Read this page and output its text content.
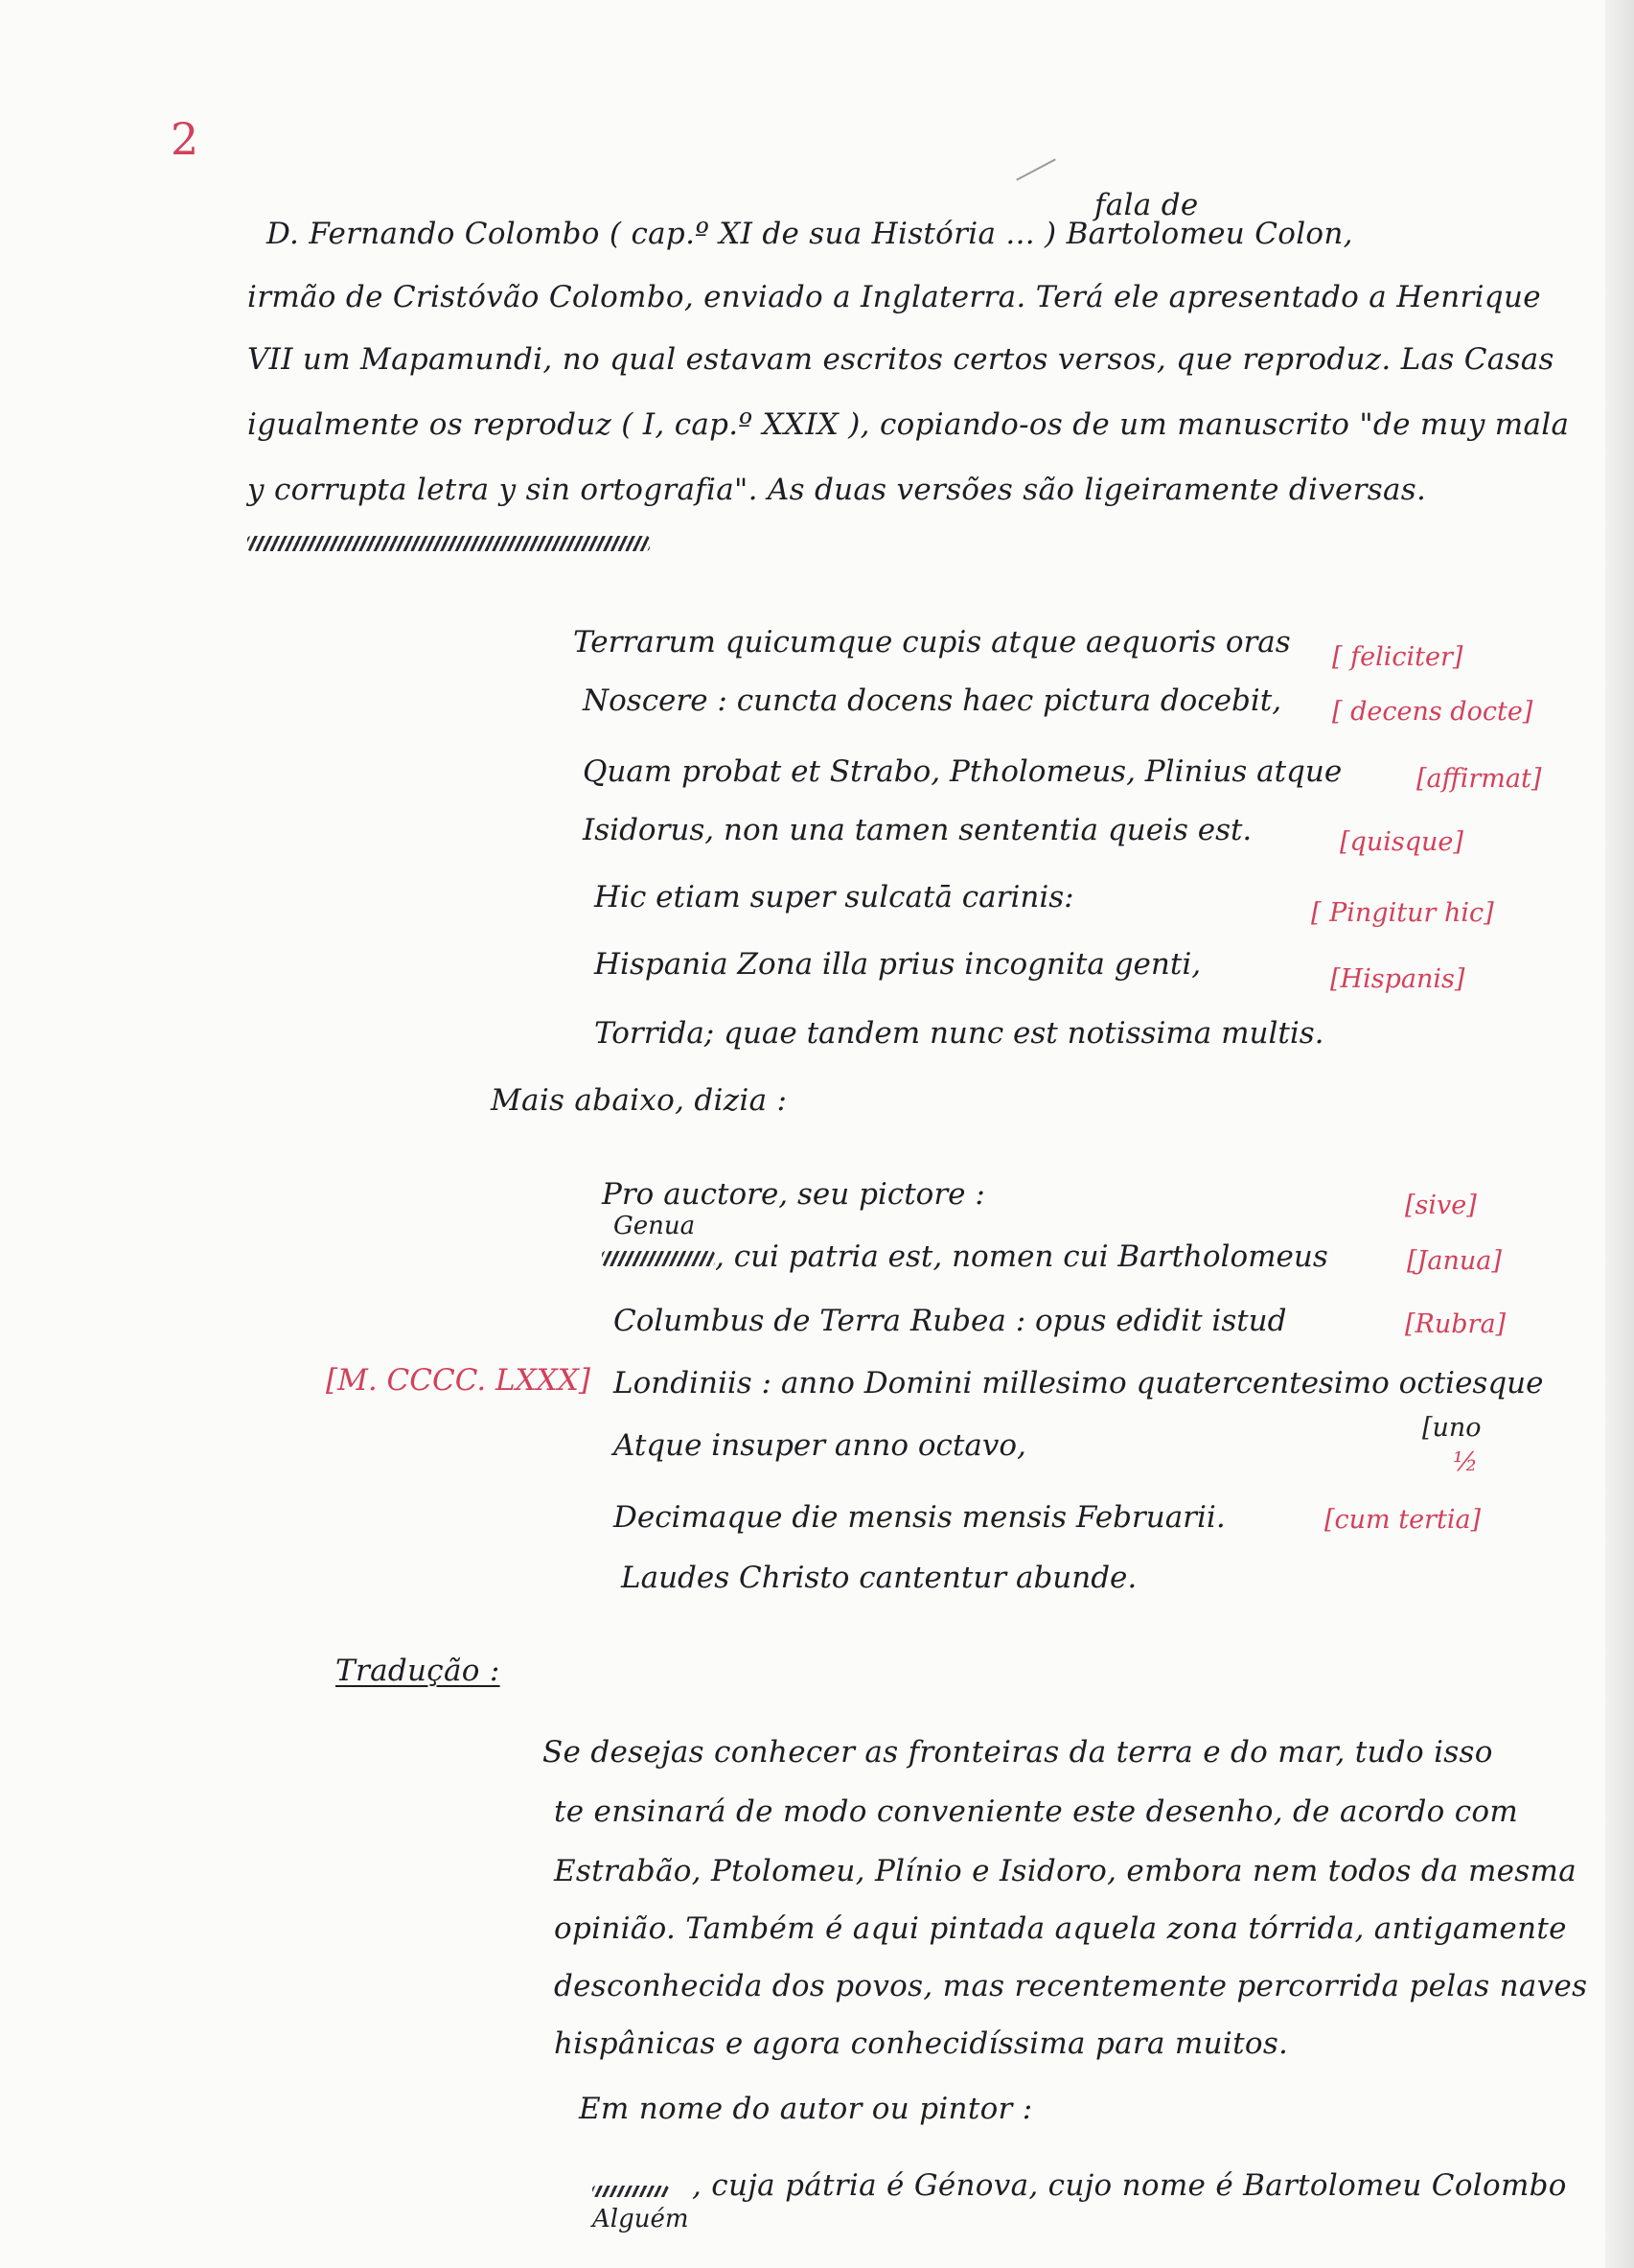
2
fala de
D. Fernando Colombo ( cap.º XI de sua História ... ) Bartolomeu Colon,
irmão de Cristóvão Colombo, enviado a Inglaterra. Terá ele apresentado a Henrique
VII um Mapamundi, no qual estavam escritos certos versos, que reproduz. Las Casas
igualmente os reproduz ( I, cap.º XXIX ), copiando-os de um manuscrito "de muy mala
y corrupta letra y sin ortografia". As duas versões são ligeiramente diversas.
Terrarum quicumque cupis atque aequoris oras
Noscere : cuncta docens haec pictura docebit,
Quam probat et Strabo, Ptholomeus, Plinius atque
Isidorus, non una tamen sententia queis est.
Hic etiam super sulcatā carinis:
Hispania Zona illa prius incognita genti,
Torrida; quae tandem nunc est notissima multis.
[ feliciter]
[ decens docte]
[affirmat]
[quisque]
[ Pingitur hic]
[Hispanis]
Mais abaixo, dizia :
Pro auctore, seu pictore :
Genua
, cui patria est, nomen cui Bartholomeus
Columbus de Terra Rubea : opus edidit istud
Londiniis : anno Domini millesimo quatercentesimo octiesque
Atque insuper anno octavo,
Decimaque die mensis mensis Februarii.
Laudes Christo cantentur abunde.
[sive]
[Janua]
[Rubra]
[uno
½
[cum tertia]
[M. CCCC. LXXX]
Tradução :
Se desejas conhecer as fronteiras da terra e do mar, tudo isso
te ensinará de modo conveniente este desenho, de acordo com
Estrabão, Ptolomeu, Plínio e Isidoro, embora nem todos da mesma
opinião. Também é aqui pintada aquela zona tórrida, antigamente
desconhecida dos povos, mas recentemente percorrida pelas naves
hispânicas e agora conhecidíssima para muitos.
Em nome do autor ou pintor :
Alguém
, cuja pátria é Génova, cujo nome é Bartolomeu Colombo
